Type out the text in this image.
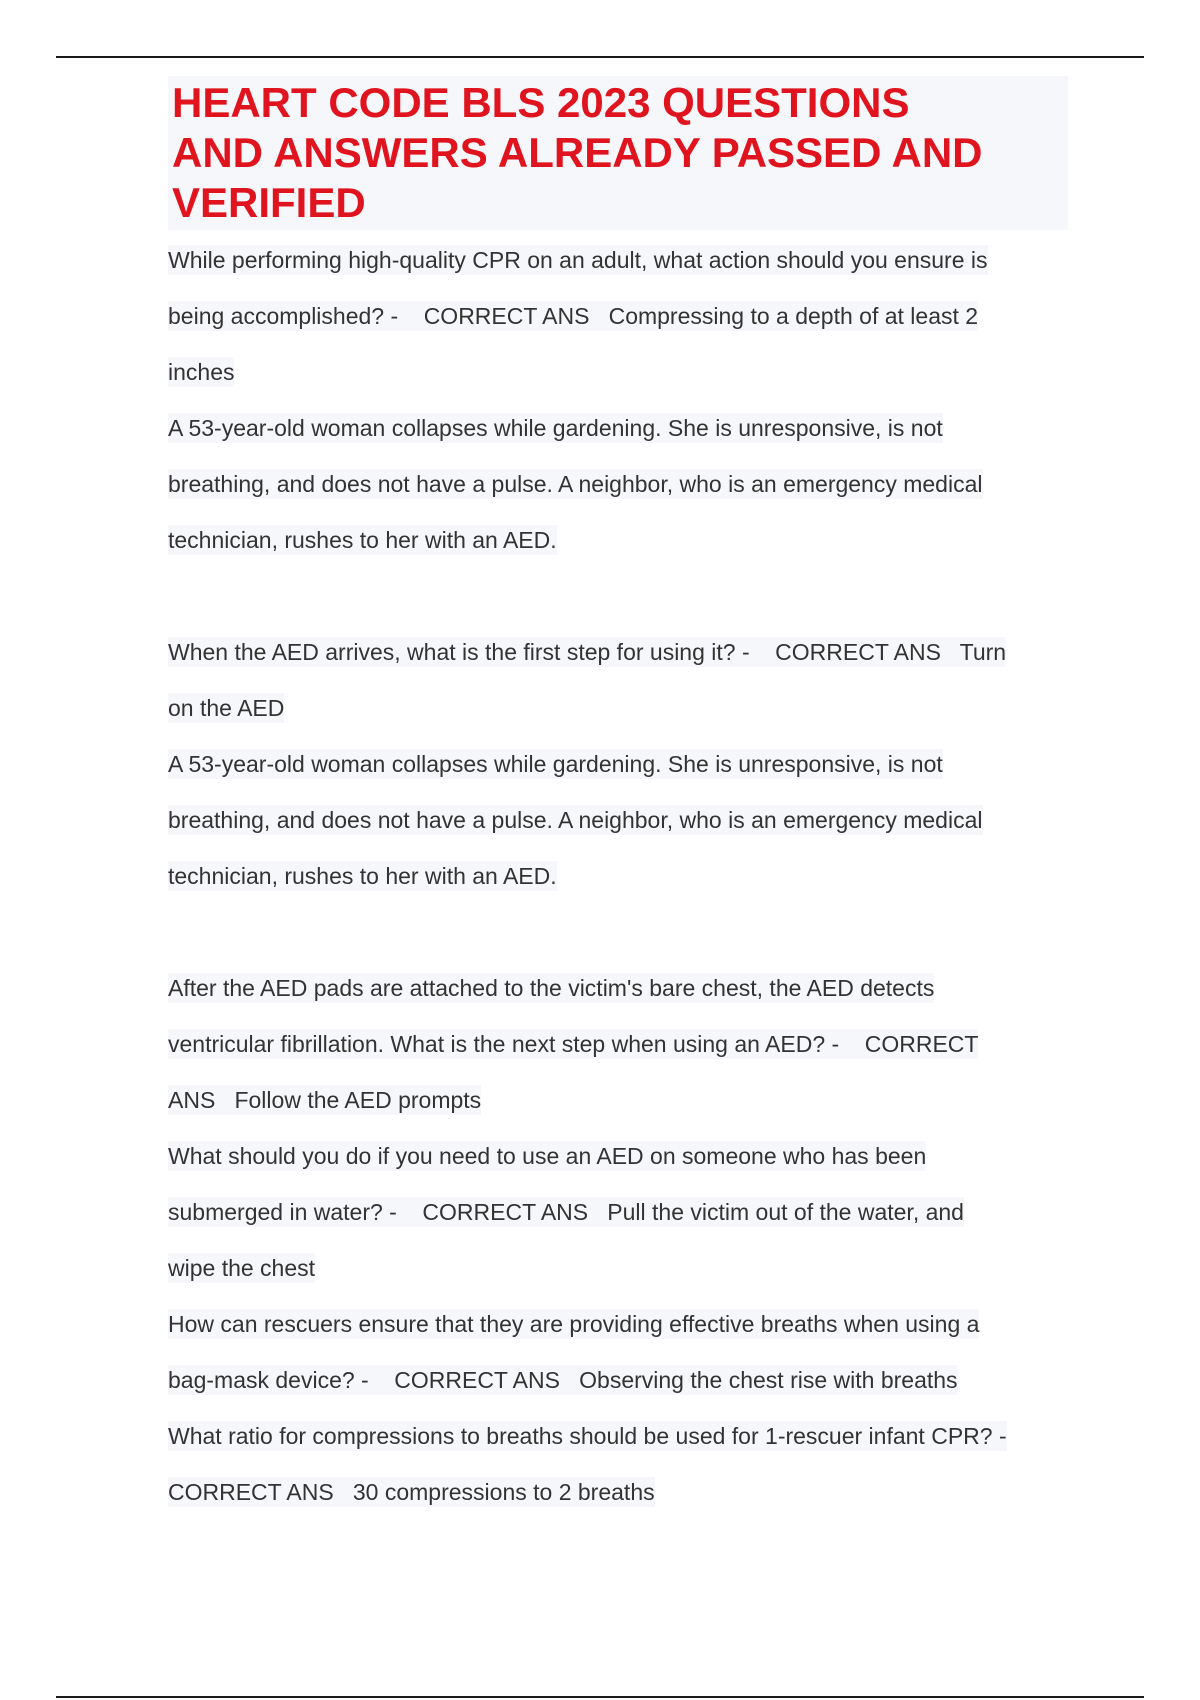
HEART CODE BLS 2023 QUESTIONS
AND ANSWERS ALREADY PASSED AND
VERIFIED
While performing high-quality CPR on an adult, what action should you ensure is
being accomplished? -    CORRECT ANS   Compressing to a depth of at least 2
inches
A 53-year-old woman collapses while gardening. She is unresponsive, is not
breathing, and does not have a pulse. A neighbor, who is an emergency medical
technician, rushes to her with an AED.
When the AED arrives, what is the first step for using it? -    CORRECT ANS   Turn
on the AED
A 53-year-old woman collapses while gardening. She is unresponsive, is not
breathing, and does not have a pulse. A neighbor, who is an emergency medical
technician, rushes to her with an AED.
After the AED pads are attached to the victim's bare chest, the AED detects
ventricular fibrillation. What is the next step when using an AED? -    CORRECT
ANS   Follow the AED prompts
What should you do if you need to use an AED on someone who has been
submerged in water? -    CORRECT ANS   Pull the victim out of the water, and
wipe the chest
How can rescuers ensure that they are providing effective breaths when using a
bag-mask device? -    CORRECT ANS   Observing the chest rise with breaths
What ratio for compressions to breaths should be used for 1-rescuer infant CPR? -
CORRECT ANS   30 compressions to 2 breaths
